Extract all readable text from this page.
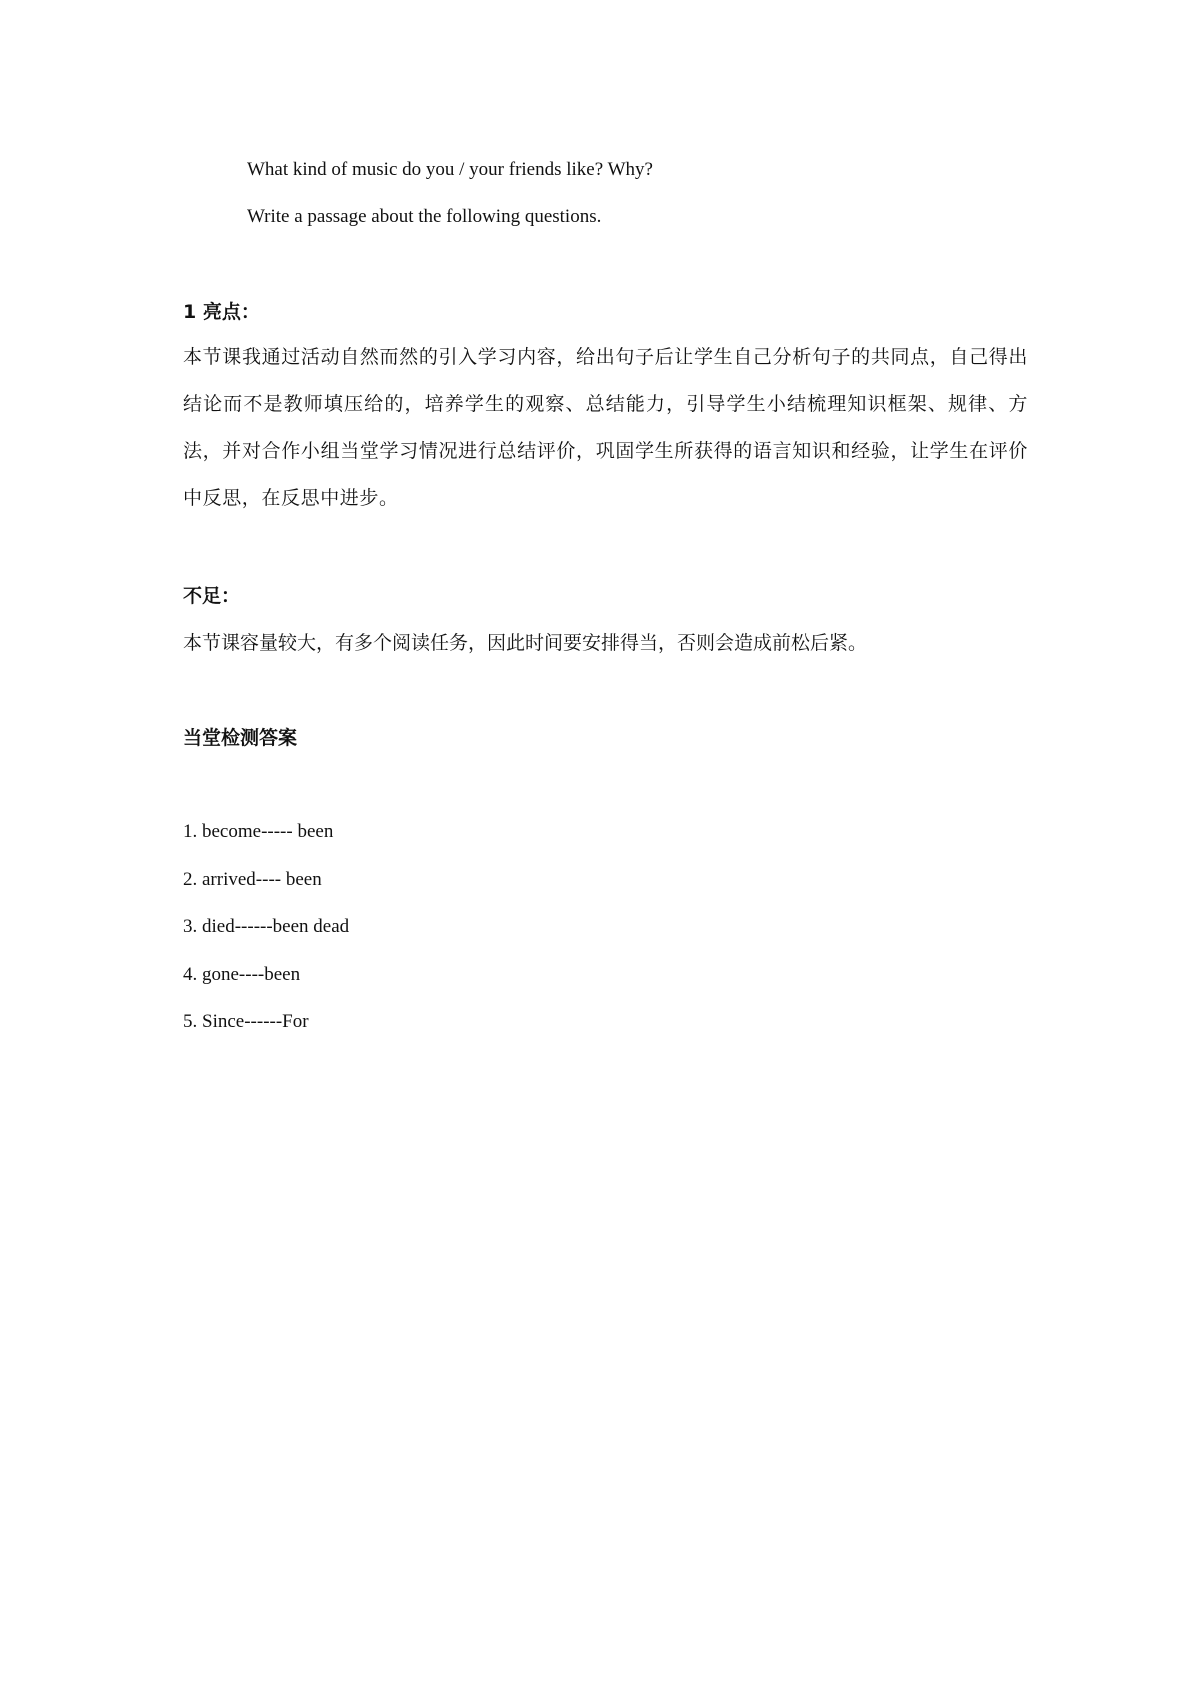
What kind of music do you / your friends like? Why?
Write a passage about the following questions.
1 亮点：
本节课我通过活动自然而然的引入学习内容，给出句子后让学生自己分析句子的共同点，自己得出结论而不是教师填压给的，培养学生的观察、总结能力，引导学生小结梳理知识框架、规律、方法，并对合作小组当堂学习情况进行总结评价，巩固学生所获得的语言知识和经验，让学生在评价中反思，在反思中进步。
不足：
本节课容量较大，有多个阅读任务，因此时间要安排得当，否则会造成前松后紧。
当堂检测答案
1. become----- been
2. arrived---- been
3. died------been dead
4. gone----been
5. Since------For
